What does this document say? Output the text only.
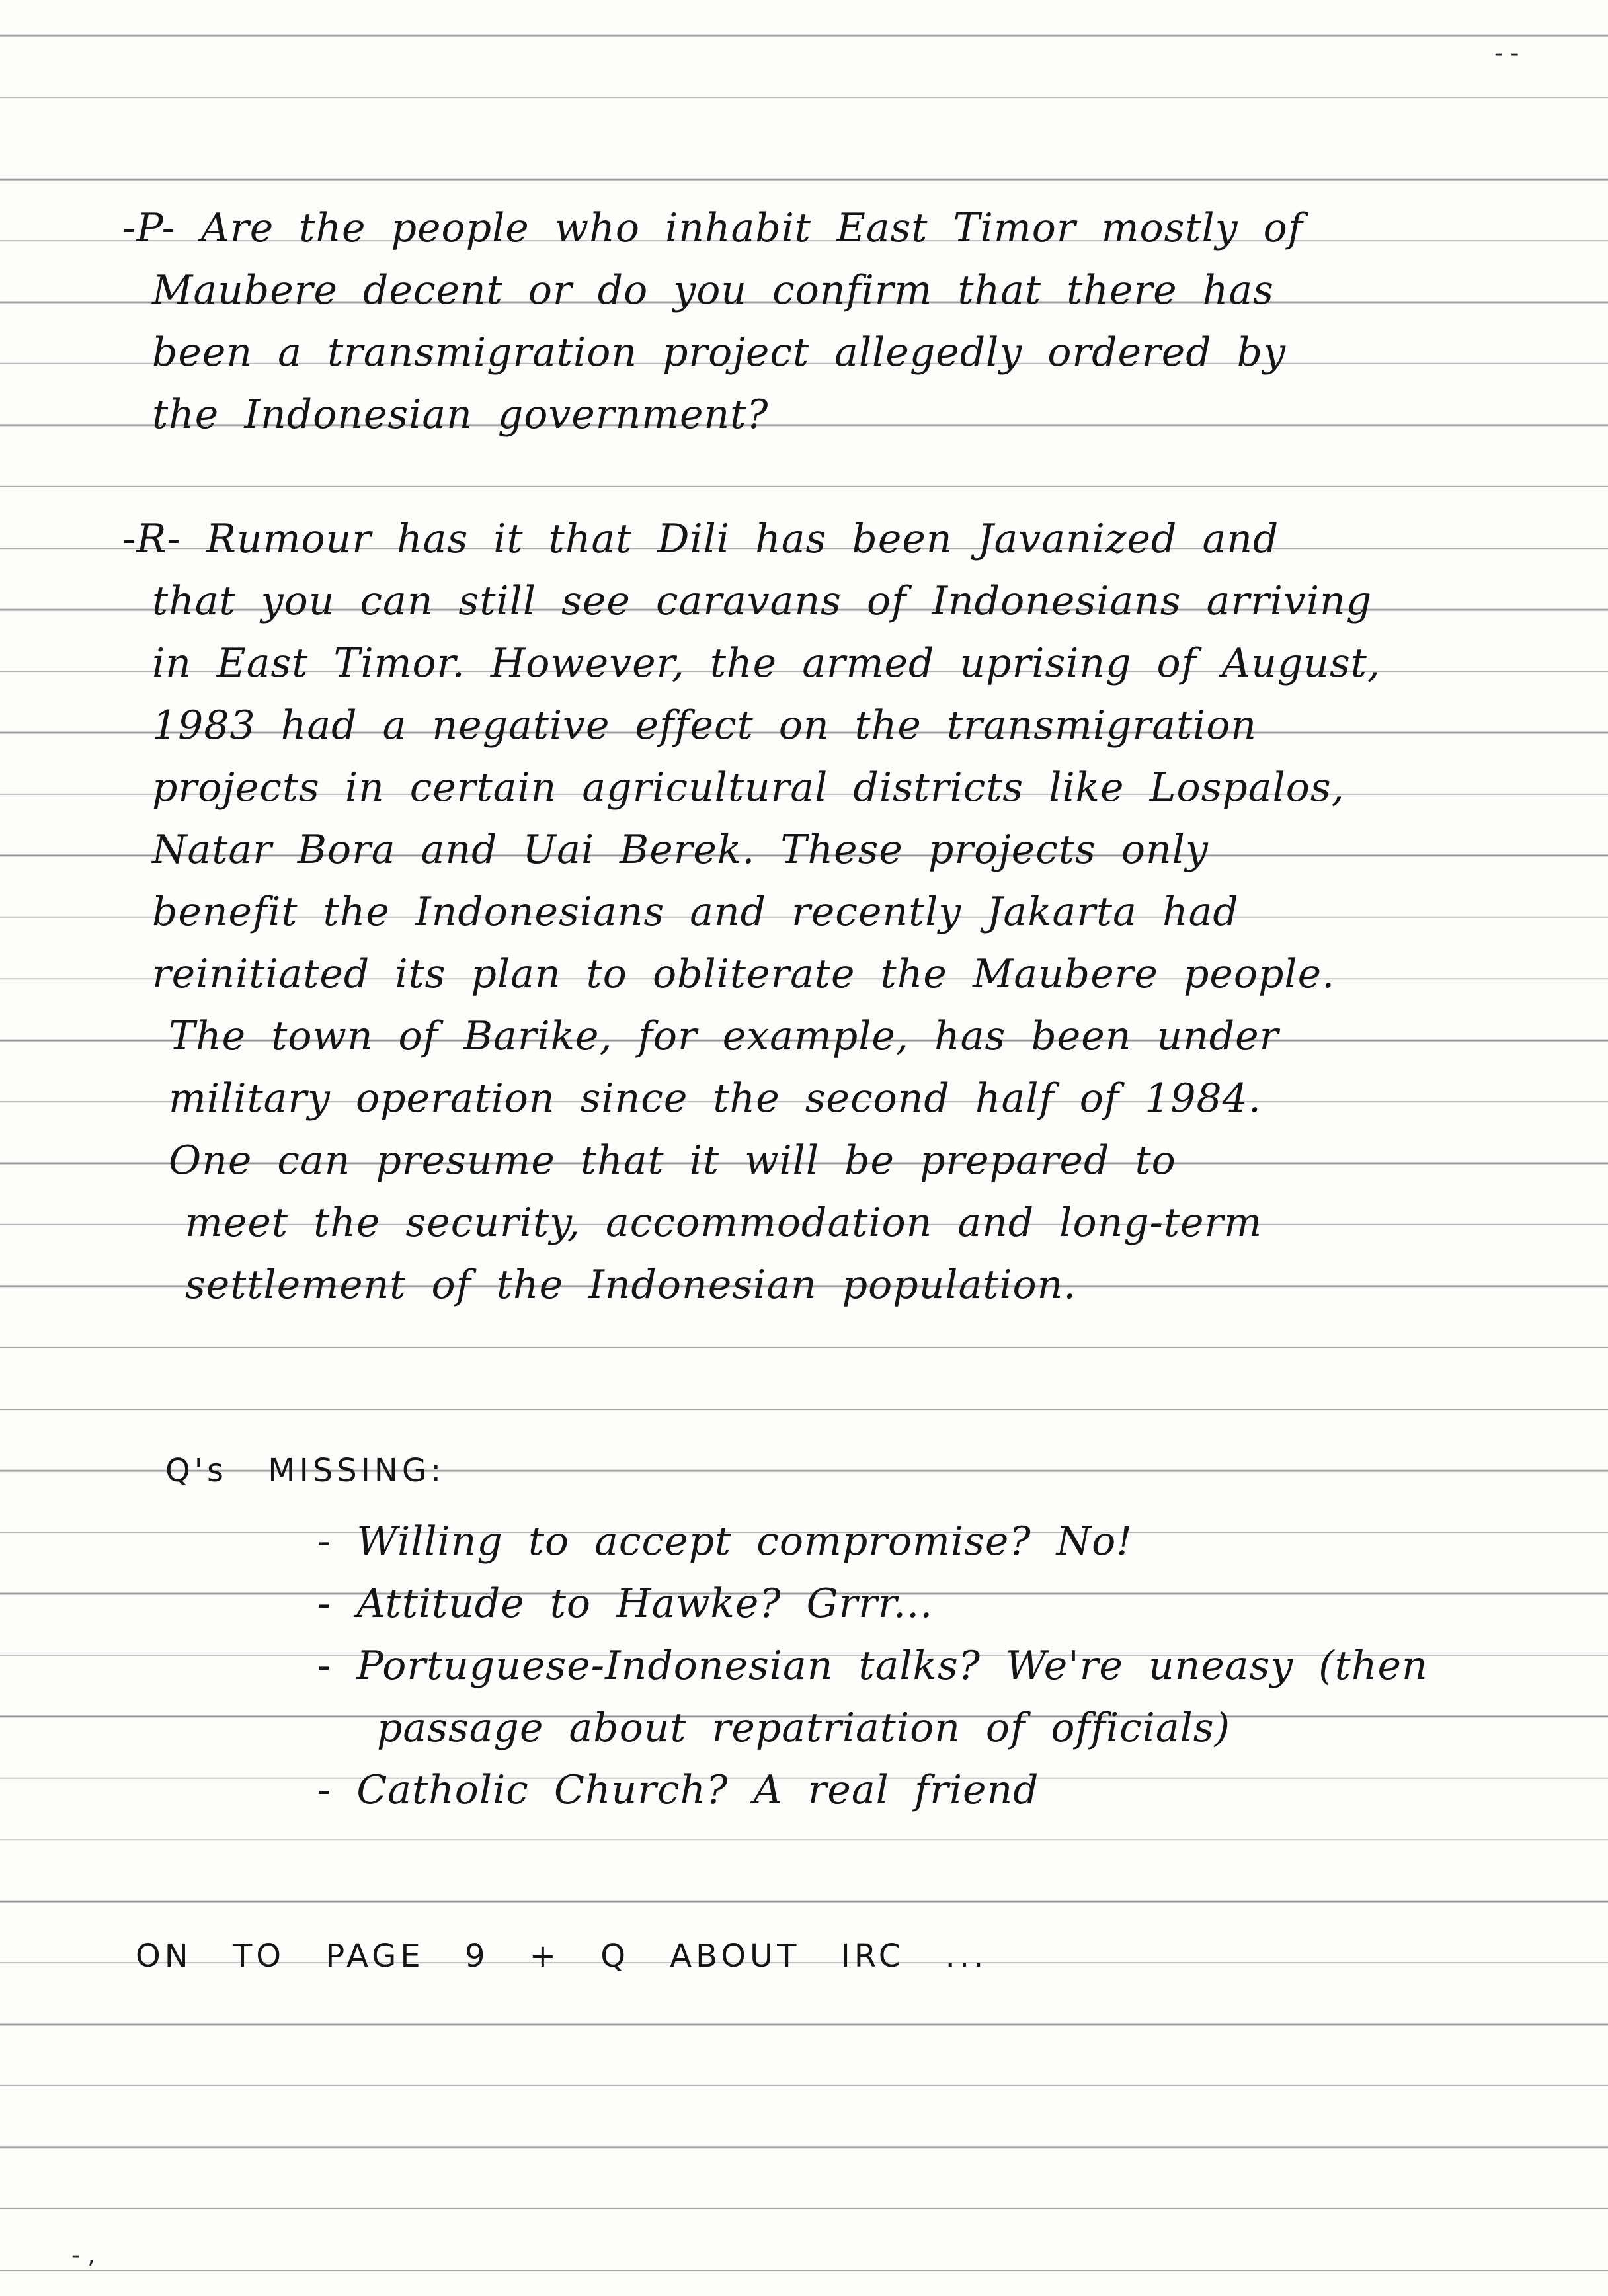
- -
- ,
-P- Are the people who inhabit East Timor mostly of
Maubere decent or do you confirm that there has
been a transmigration project allegedly ordered by
the Indonesian government?
-R- Rumour has it that Dili has been Javanized and
that you can still see caravans of Indonesians arriving
in East Timor. However, the armed uprising of August,
1983 had a negative effect on the transmigration
projects in certain agricultural districts like Lospalos,
Natar Bora and Uai Berek. These projects only
benefit the Indonesians and recently Jakarta had
reinitiated its plan to obliterate the Maubere people.
The town of Barike, for example, has been under
military operation since the second half of 1984.
One can presume that it will be prepared to
meet the security, accommodation and long-term
settlement of the Indonesian population.
Q's MISSING:
- Willing to accept compromise? No!
- Attitude to Hawke? Grrr...
- Portuguese-Indonesian talks? We're uneasy (then
passage about repatriation of officials)
- Catholic Church? A real friend
ON TO PAGE 9 + Q ABOUT IRC ...
